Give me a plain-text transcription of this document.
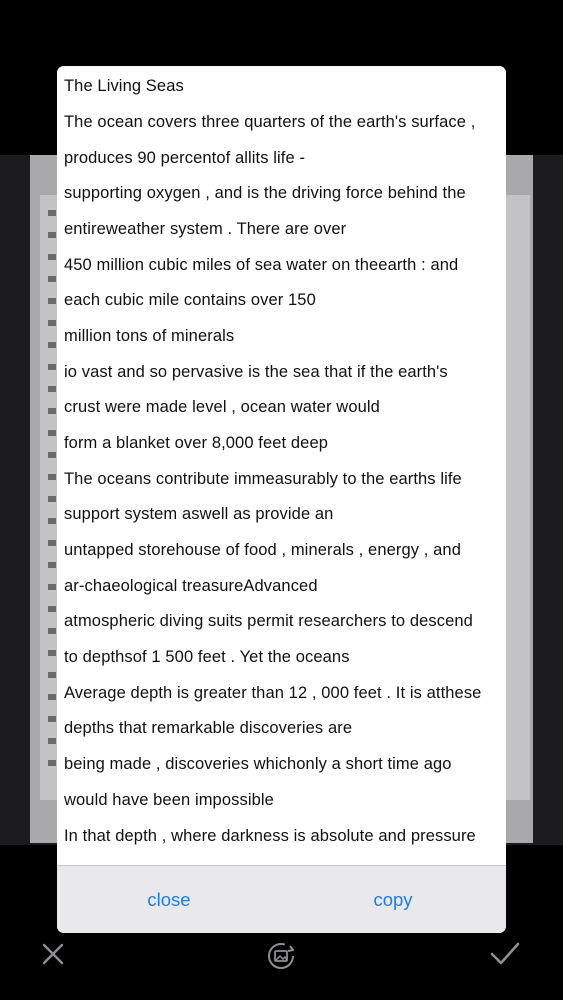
The Living Seas
The ocean covers three quarters of the earth's surface ,
produces 90 percentof allits life -
supporting oxygen , and is the driving force behind the
entireweather system . There are over
450 million cubic miles of sea water on theearth : and
each cubic mile contains over 150
million tons of minerals
io vast and so pervasive is the sea that if the earth's
crust were made level , ocean water would
form a blanket over 8,000 feet deep
The oceans contribute immeasurably to the earths life
support system aswell as provide an
untapped storehouse of food , minerals , energy , and
ar-chaeological treasureAdvanced
atmospheric diving suits permit researchers to descend
to depthsof 1 500 feet . Yet the oceans
Average depth is greater than 12 , 000 feet . It is atthese
depths that remarkable discoveries are
being made , discoveries whichonly a short time ago
would have been impossible
In that depth , where darkness is absolute and pressure
close	copy
